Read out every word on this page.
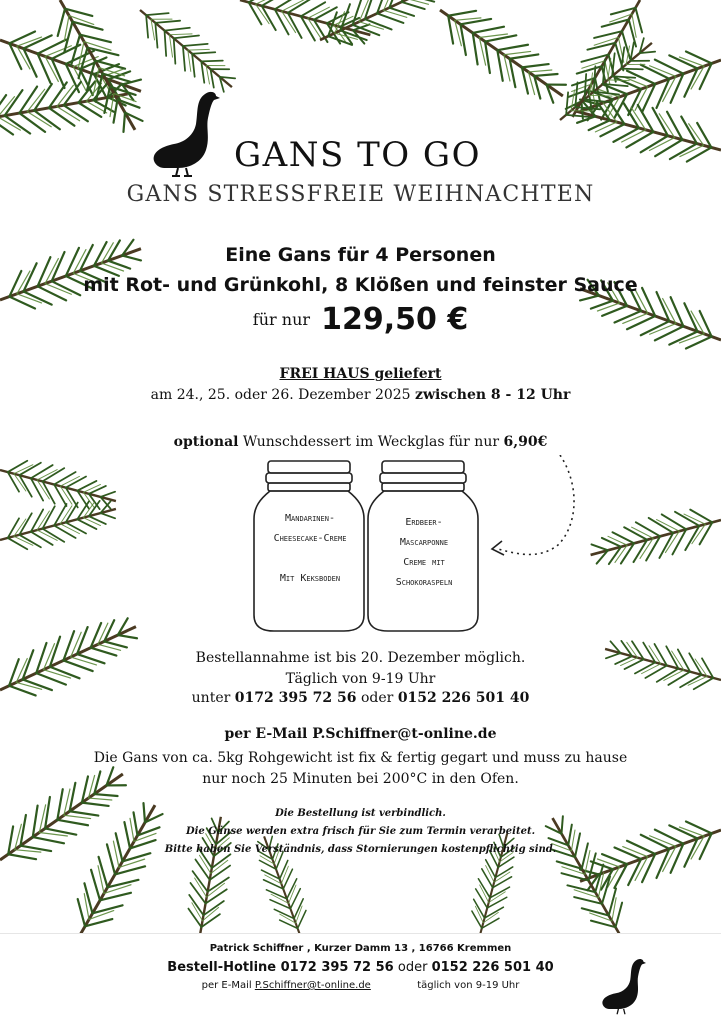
GANS TO GO
GANS STRESSFREIE WEIHNACHTEN
Eine Gans für 4 Personen
mit Rot- und Grünkohl, 8 Klößen und feinster Sauce
für nur 129,50 €
FREI HAUS geliefert
am 24., 25. oder 26. Dezember 2025 zwischen 8 - 12 Uhr
optional Wunschdessert im Weckglas für nur 6,90€
Mandarinen-
Cheesecake-Creme

Mit Keksboden
Erdbeer-
Mascarponne
Creme mit
Schokoraspeln
Bestellannahme ist bis 20. Dezember möglich.
Täglich von 9-19 Uhr
unter 0172 395 72 56 oder 0152 226 501 40
per E-Mail P.Schiffner@t-online.de
Die Gans von ca. 5kg Rohgewicht ist fix & fertig gegart und muss zu hause
nur noch 25 Minuten bei 200°C in den Ofen.
Die Bestellung ist verbindlich.
Die Gänse werden extra frisch für Sie zum Termin verarbeitet.
Bitte haben Sie Verständnis, dass Stornierungen kostenpflichtig sind.
Patrick Schiffner , Kurzer Damm 13 , 16766 Kremmen
Bestell-Hotline 0172 395 72 56 oder 0152 226 501 40
per E-Mail P.Schiffner@t-online.de	täglich von 9-19 Uhr
